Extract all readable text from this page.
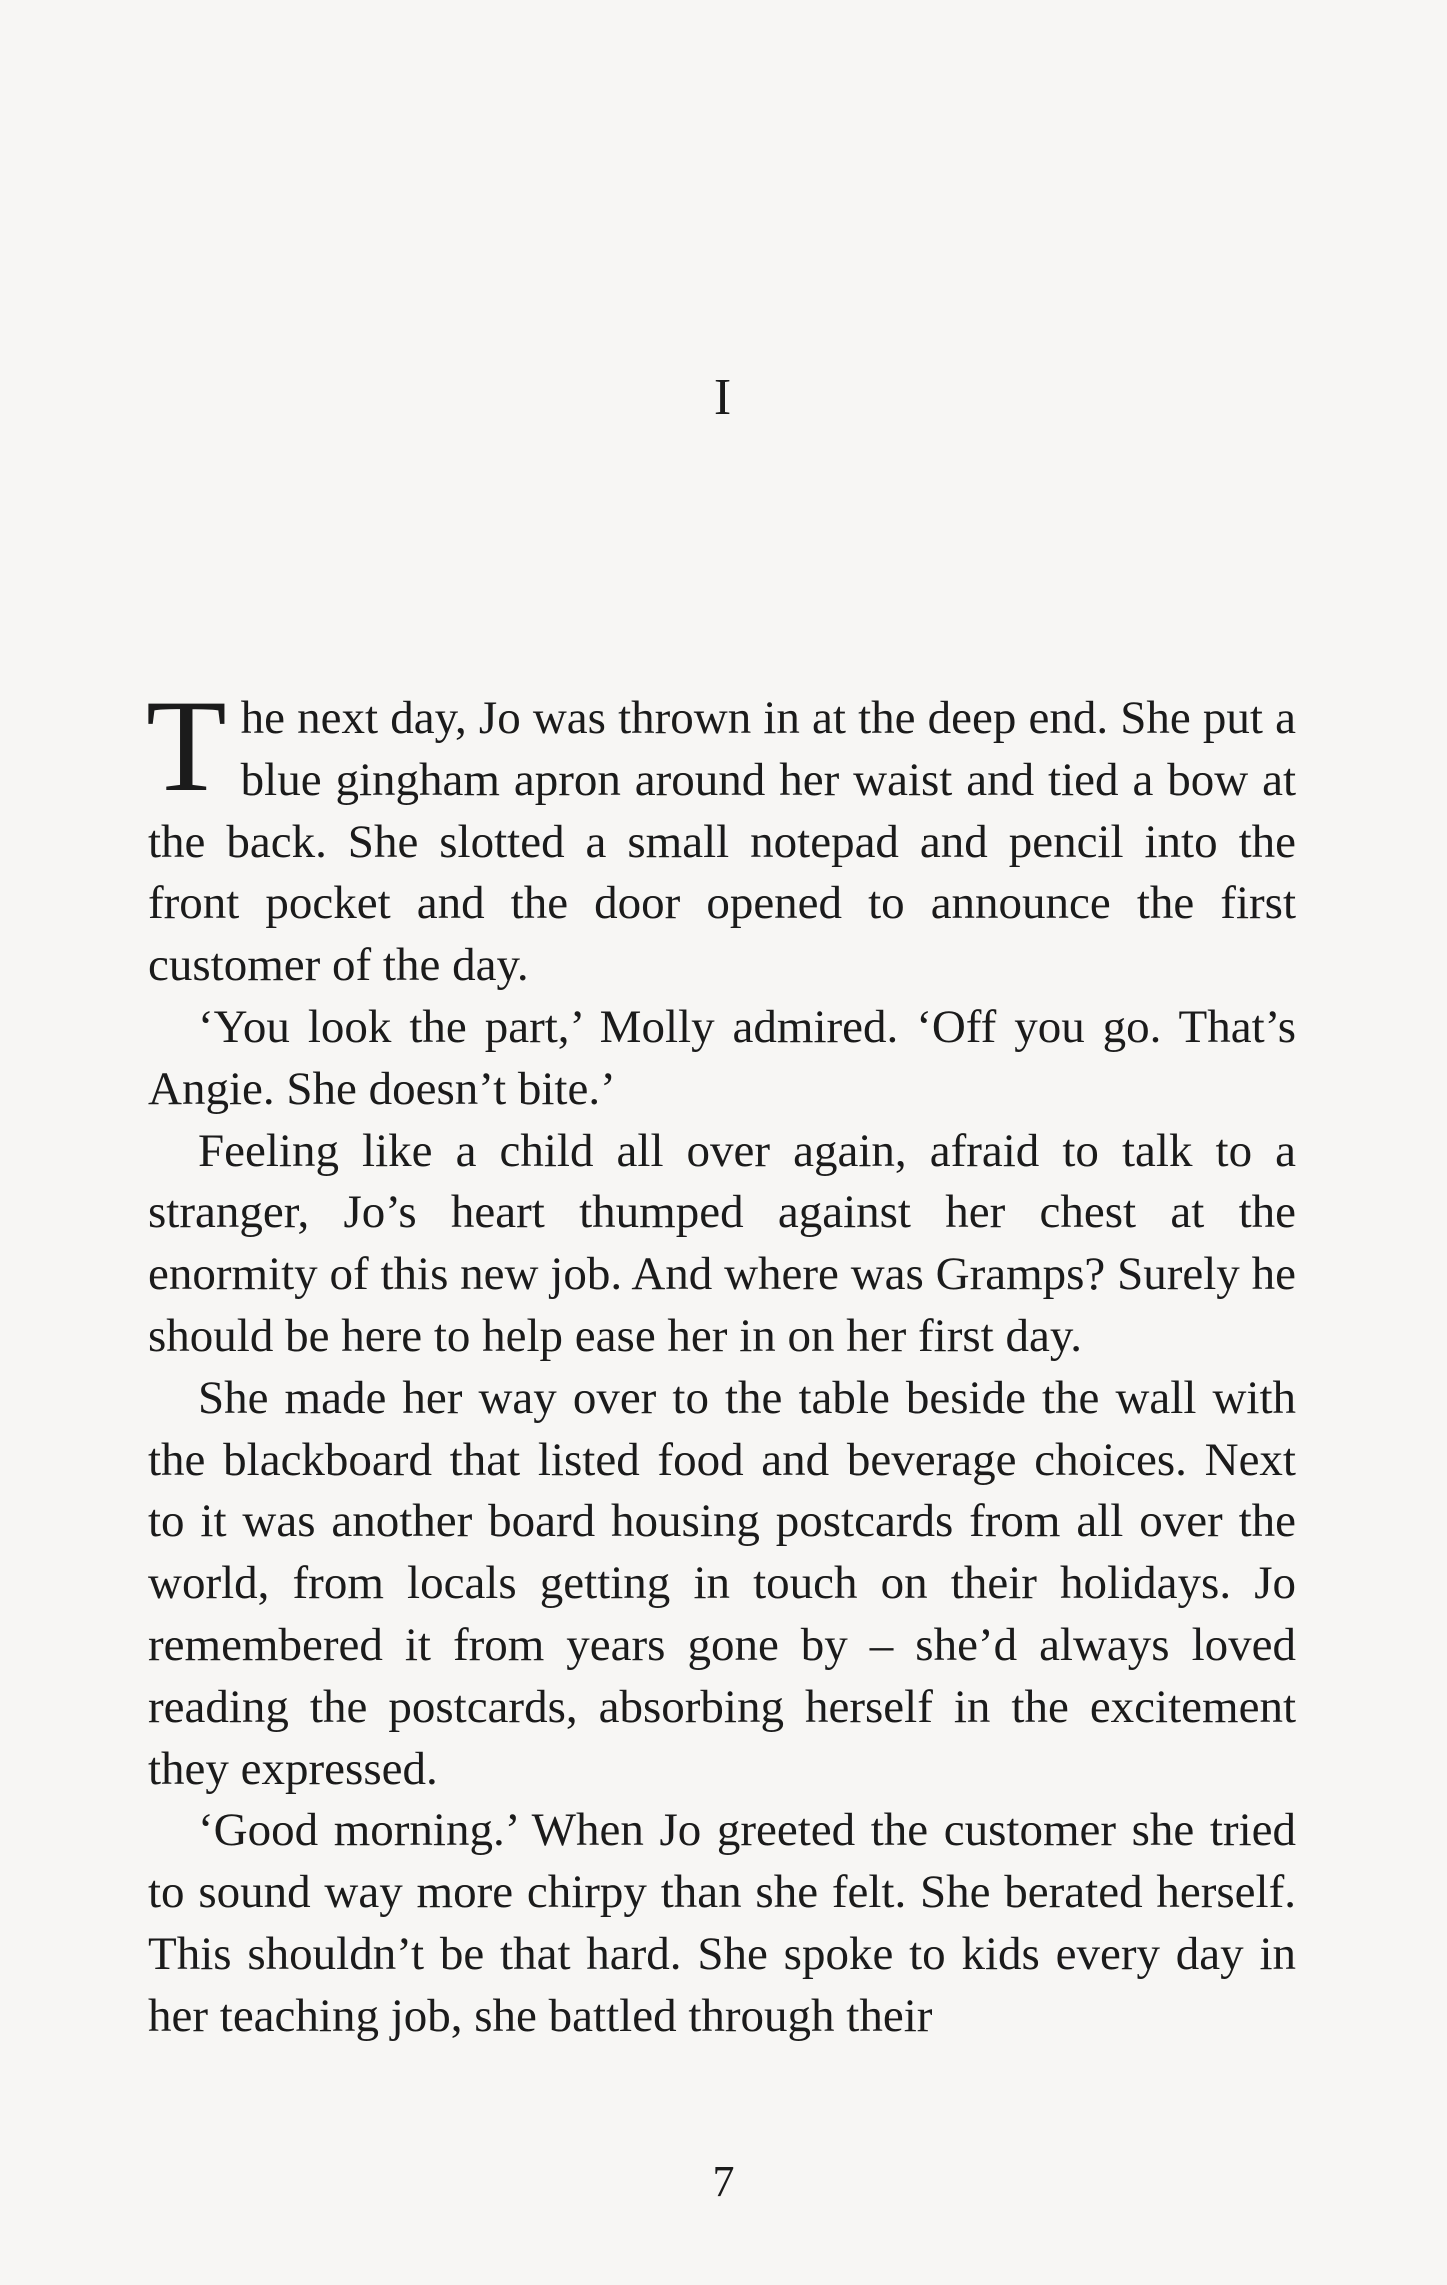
I

The next day, Jo was thrown in at the deep end. She put a blue gingham apron around her waist and tied a bow at the back. She slotted a small notepad and pencil into the front pocket and the door opened to announce the first customer of the day.

‘You look the part,’ Molly admired. ‘Off you go. That’s Angie. She doesn’t bite.’

Feeling like a child all over again, afraid to talk to a stranger, Jo’s heart thumped against her chest at the enormity of this new job. And where was Gramps? Surely he should be here to help ease her in on her first day.

She made her way over to the table beside the wall with the blackboard that listed food and beverage choices. Next to it was another board housing postcards from all over the world, from locals getting in touch on their holidays. Jo remembered it from years gone by – she’d always loved reading the postcards, absorbing herself in the excitement they expressed.

‘Good morning.’ When Jo greeted the customer she tried to sound way more chirpy than she felt. She berated herself. This shouldn’t be that hard. She spoke to kids every day in her teaching job, she battled through their

7
